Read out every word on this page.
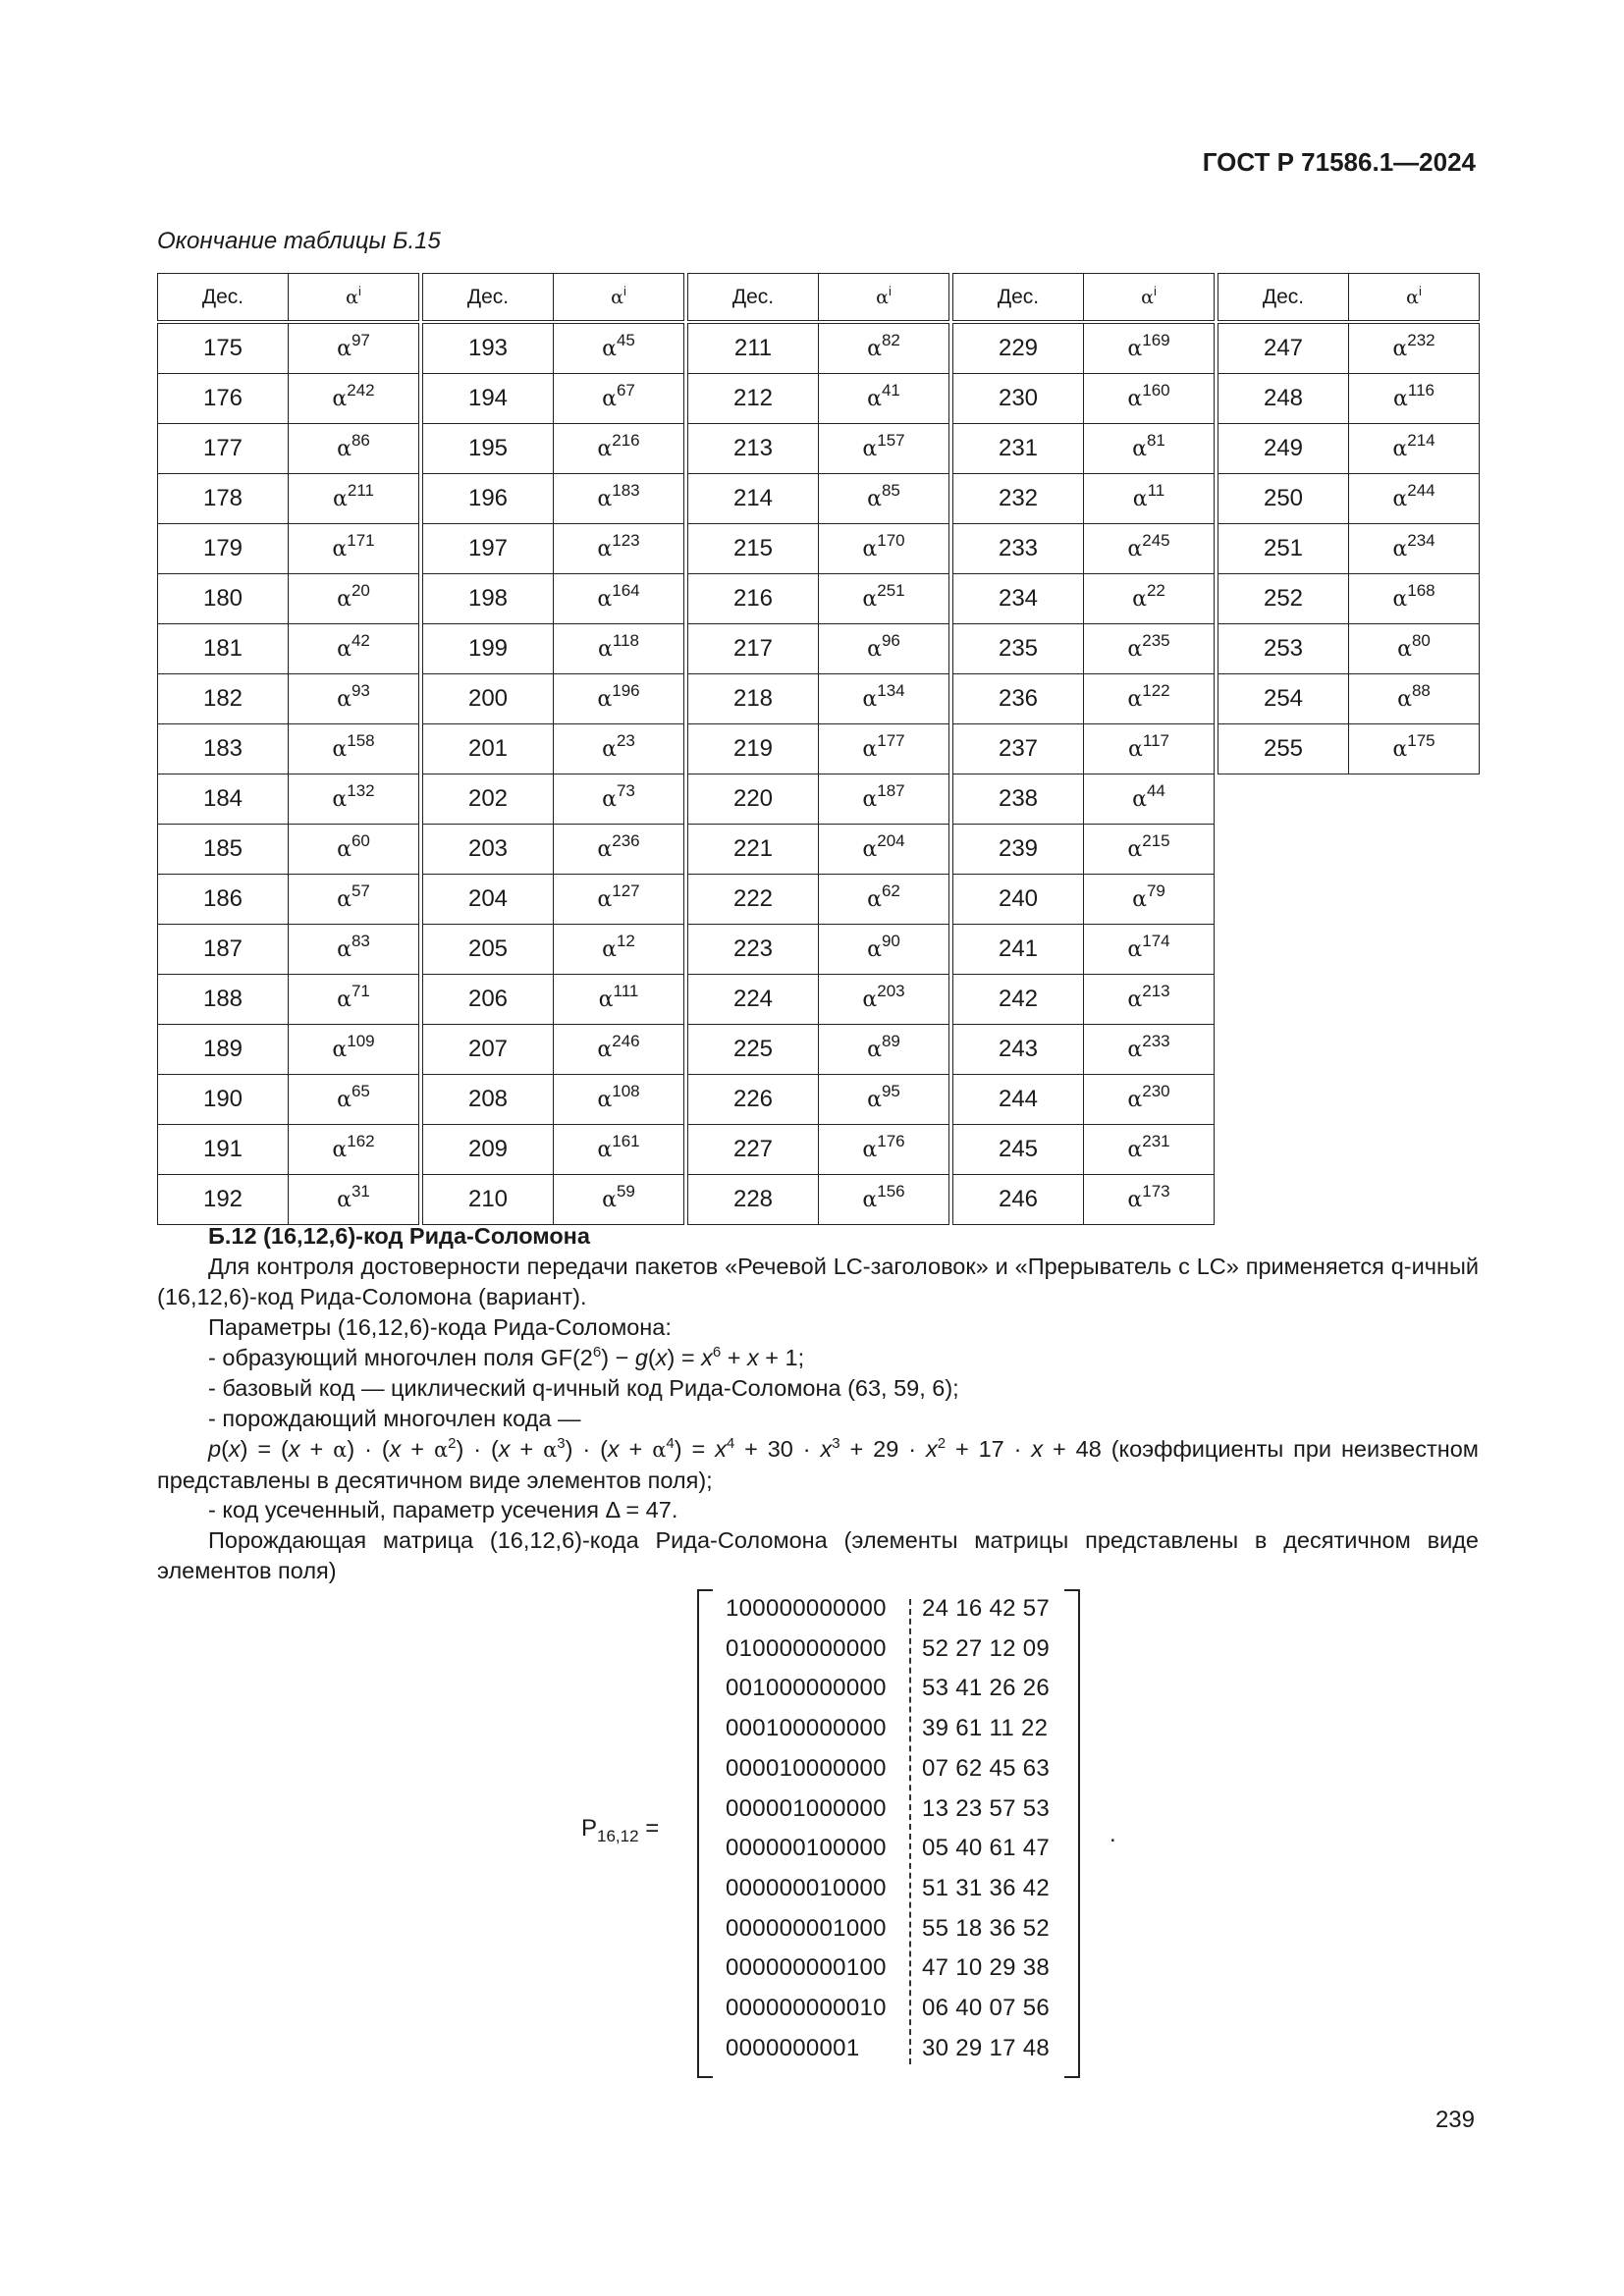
ГОСТ Р 71586.1—2024
Окончание таблицы Б.15
Дес.	$\alpha^i$
175	$\alpha^{97}$
176	$\alpha^{242}$
177	$\alpha^{86}$
178	$\alpha^{211}$
179	$\alpha^{171}$
180	$\alpha^{20}$
181	$\alpha^{42}$
182	$\alpha^{93}$
183	$\alpha^{158}$
184	$\alpha^{132}$
185	$\alpha^{60}$
186	$\alpha^{57}$
187	$\alpha^{83}$
188	$\alpha^{71}$
189	$\alpha^{109}$
190	$\alpha^{65}$
191	$\alpha^{162}$
192	$\alpha^{31}$
Дес.	$\alpha^i$
193	$\alpha^{45}$
194	$\alpha^{67}$
195	$\alpha^{216}$
196	$\alpha^{183}$
197	$\alpha^{123}$
198	$\alpha^{164}$
199	$\alpha^{118}$
200	$\alpha^{196}$
201	$\alpha^{23}$
202	$\alpha^{73}$
203	$\alpha^{236}$
204	$\alpha^{127}$
205	$\alpha^{12}$
206	$\alpha^{111}$
207	$\alpha^{246}$
208	$\alpha^{108}$
209	$\alpha^{161}$
210	$\alpha^{59}$
Дес.	$\alpha^i$
211	$\alpha^{82}$
212	$\alpha^{41}$
213	$\alpha^{157}$
214	$\alpha^{85}$
215	$\alpha^{170}$
216	$\alpha^{251}$
217	$\alpha^{96}$
218	$\alpha^{134}$
219	$\alpha^{177}$
220	$\alpha^{187}$
221	$\alpha^{204}$
222	$\alpha^{62}$
223	$\alpha^{90}$
224	$\alpha^{203}$
225	$\alpha^{89}$
226	$\alpha^{95}$
227	$\alpha^{176}$
228	$\alpha^{156}$
Дес.	$\alpha^i$
229	$\alpha^{169}$
230	$\alpha^{160}$
231	$\alpha^{81}$
232	$\alpha^{11}$
233	$\alpha^{245}$
234	$\alpha^{22}$
235	$\alpha^{235}$
236	$\alpha^{122}$
237	$\alpha^{117}$
238	$\alpha^{44}$
239	$\alpha^{215}$
240	$\alpha^{79}$
241	$\alpha^{174}$
242	$\alpha^{213}$
243	$\alpha^{233}$
244	$\alpha^{230}$
245	$\alpha^{231}$
246	$\alpha^{173}$
Дес.	$\alpha^i$
247	$\alpha^{232}$
248	$\alpha^{116}$
249	$\alpha^{214}$
250	$\alpha^{244}$
251	$\alpha^{234}$
252	$\alpha^{168}$
253	$\alpha^{80}$
254	$\alpha^{88}$
255	$\alpha^{175}$
Б.12 (16,12,6)-код Рида-Соломона
Для контроля достоверности передачи пакетов «Речевой LC-заголовок» и «Прерыватель с LC» применяется q-ичный (16,12,6)-код Рида-Соломона (вариант).
Параметры (16,12,6)-кода Рида-Соломона:
- образующий многочлен поля $GF(2^6) - g(x) = x^6 + x + 1$;
- базовый код — циклический q-ичный код Рида-Соломона (63, 59, 6);
- порождающий многочлен кода —
$p(x) = (x + \alpha) \cdot (x + \alpha^2) \cdot (x + \alpha^3) \cdot (x + \alpha^4) = x^4 + 30 \cdot x^3 + 29 \cdot x^2 + 17 \cdot x + 48$ (коэффициенты при неизвестном представлены в десятичном виде элементов поля);
- код усеченный, параметр усечения Δ = 47.
Порождающая матрица (16,12,6)-кода Рида-Соломона (элементы матрицы представлены в десятичном виде элементов поля)
$P_{16,12}$ =
100000000000 24 16 42 57
010000000000 52 27 12 09
001000000000 53 41 26 26
000100000000 39 61 11 22
000010000000 07 62 45 63
000001000000 13 23 57 53
000000100000 05 40 61 47
000000010000 51 31 36 42
000000001000 55 18 36 52
000000000100 47 10 29 38
000000000010 06 40 07 56
0000000001	30 29 17 48
.
239
